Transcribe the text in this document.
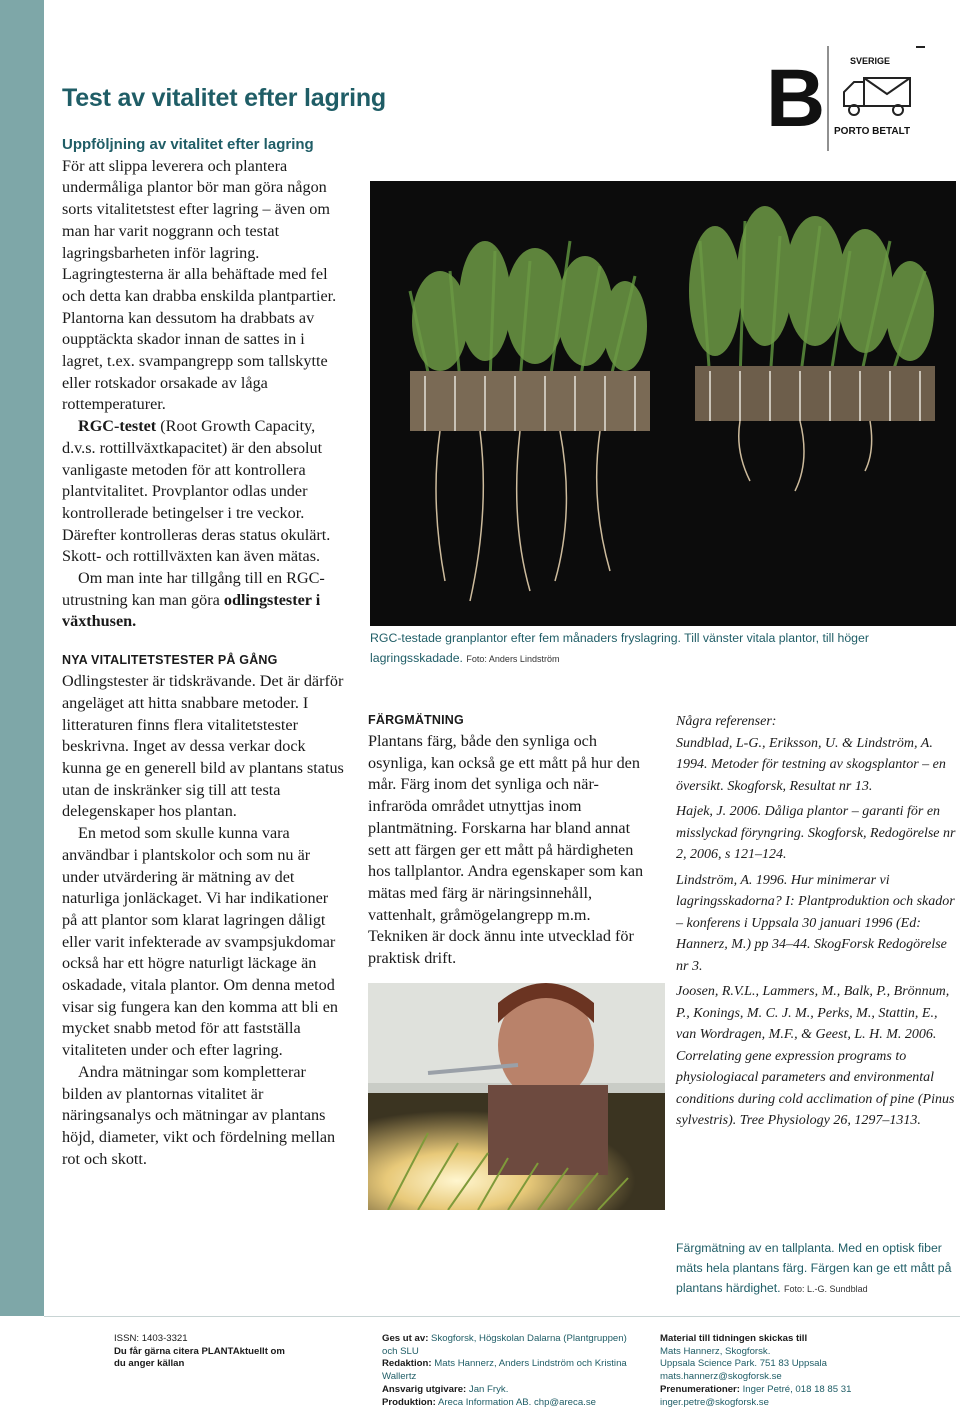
Test av vitalitet efter lagring	B	SVERIGE
PORTO BETALT

Uppföljning av vitalitet efter lagring

För att slippa leverera och plantera undermåliga plantor bör man göra någon sorts vitalitetstest efter lagring – även om man har varit noggrann och testat lagringsbarheten inför lagring. Lagringtesterna är alla behäftade med fel och detta kan drabba enskilda plantpartier. Plantorna kan dessutom ha drabbats av oupptäckta skador innan de sattes in i lagret, t.ex. svampangrepp som tallskytte eller rotskador orsakade av låga rottemperaturer.

RGC-testet (Root Growth Capacity, d.v.s. rottillväxtkapacitet) är den absolut vanligaste metoden för att kontrollera plantvitalitet. Provplantor odlas under kontrollerade betingelser i tre veckor. Därefter kontrolleras deras status okulärt. Skott- och rottillväxten kan även mätas.

Om man inte har tillgång till en RGC-utrustning kan man göra odlingstester i växthusen.

NYA VITALITETSTESTER PÅ GÅNG

Odlingstester är tidskrävande. Det är därför angeläget att hitta snabbare metoder. I litteraturen finns flera vitalitetstester beskrivna. Inget av dessa verkar dock kunna ge en generell bild av plantans status utan de inskränker sig till att testa delegenskaper hos plantan.

En metod som skulle kunna vara användbar i plantskolor och som nu är under utvärdering är mätning av det naturliga jonläckaget. Vi har indikationer på att plantor som klarat lagringen dåligt eller varit infekterade av svampsjukdomar också har ett högre naturligt läckage än oskadade, vitala plantor. Om denna metod visar sig fungera kan den komma att bli en mycket snabb metod för att fastställa vitaliteten under och efter lagring.

Andra mätningar som kompletterar bilden av plantornas vitalitet är näringsanalys och mätningar av plantans höjd, diameter, vikt och fördelning mellan rot och skott.

RGC-testade granplantor efter fem månaders fryslagring. Till vänster vitala plantor, till höger lagringsskadade. Foto: Anders Lindström

FÄRGMÄTNING

Plantans färg, både den synliga och osynliga, kan också ge ett mått på hur den mår. Färg inom det synliga och när-infraröda området utnyttjas inom plantmätning. Forskarna har bland annat sett att färgen ger ett mått på härdigheten hos tallplantor. Andra egenskaper som kan mätas med färg är näringsinnehåll, vattenhalt, gråmögelangrepp m.m. Tekniken är dock ännu inte utvecklad för praktisk drift.

Färgmätning av en tallplanta. Med en optisk fiber mäts hela plantans färg. Färgen kan ge ett mått på plantans härdighet. Foto: L.-G. Sundblad

Några referenser:

Sundblad, L-G., Eriksson, U. & Lindström, A. 1994. Metoder för testning av skogsplantor – en översikt. Skogforsk, Resultat nr 13.

Hajek, J. 2006. Dåliga plantor – garanti för en misslyckad föryngring. Skogforsk, Redogörelse nr 2, 2006, s 121–124.

Lindström, A. 1996. Hur minimerar vi lagringsskadorna? I: Plantproduktion och skador – konferens i Uppsala 30 januari 1996 (Ed: Hannerz, M.) pp 34–44. SkogForsk Redogörelse nr 3.

Joosen, R.V.L., Lammers, M., Balk, P., Brönnum, P., Konings, M. C. J. M., Perks, M., Stattin, E., van Wordragen, M.F., & Geest, L. H. M. 2006. Correlating gene expression programs to physiologiacal parameters and environmental conditions during cold acclimation of pine (Pinus sylvestris). Tree Physiology 26, 1297–1313.

ISSN: 1403-3321
Du får gärna citera PLANTAktuellt om
du anger källan
Ges ut av: Skogforsk, Högskolan Dalarna (Plantgruppen) och SLU
Redaktion: Mats Hannerz, Anders Lindström och Kristina Wallertz
Ansvarig utgivare: Jan Fryk.
Produktion: Areca Information AB. chp@areca.se
Material till tidningen skickas till
Mats Hannerz, Skogforsk.
Uppsala Science Park. 751 83 Uppsala
mats.hannerz@skogforsk.se
Prenumerationer: Inger Petré, 018 18 85 31
inger.petre@skogforsk.se
